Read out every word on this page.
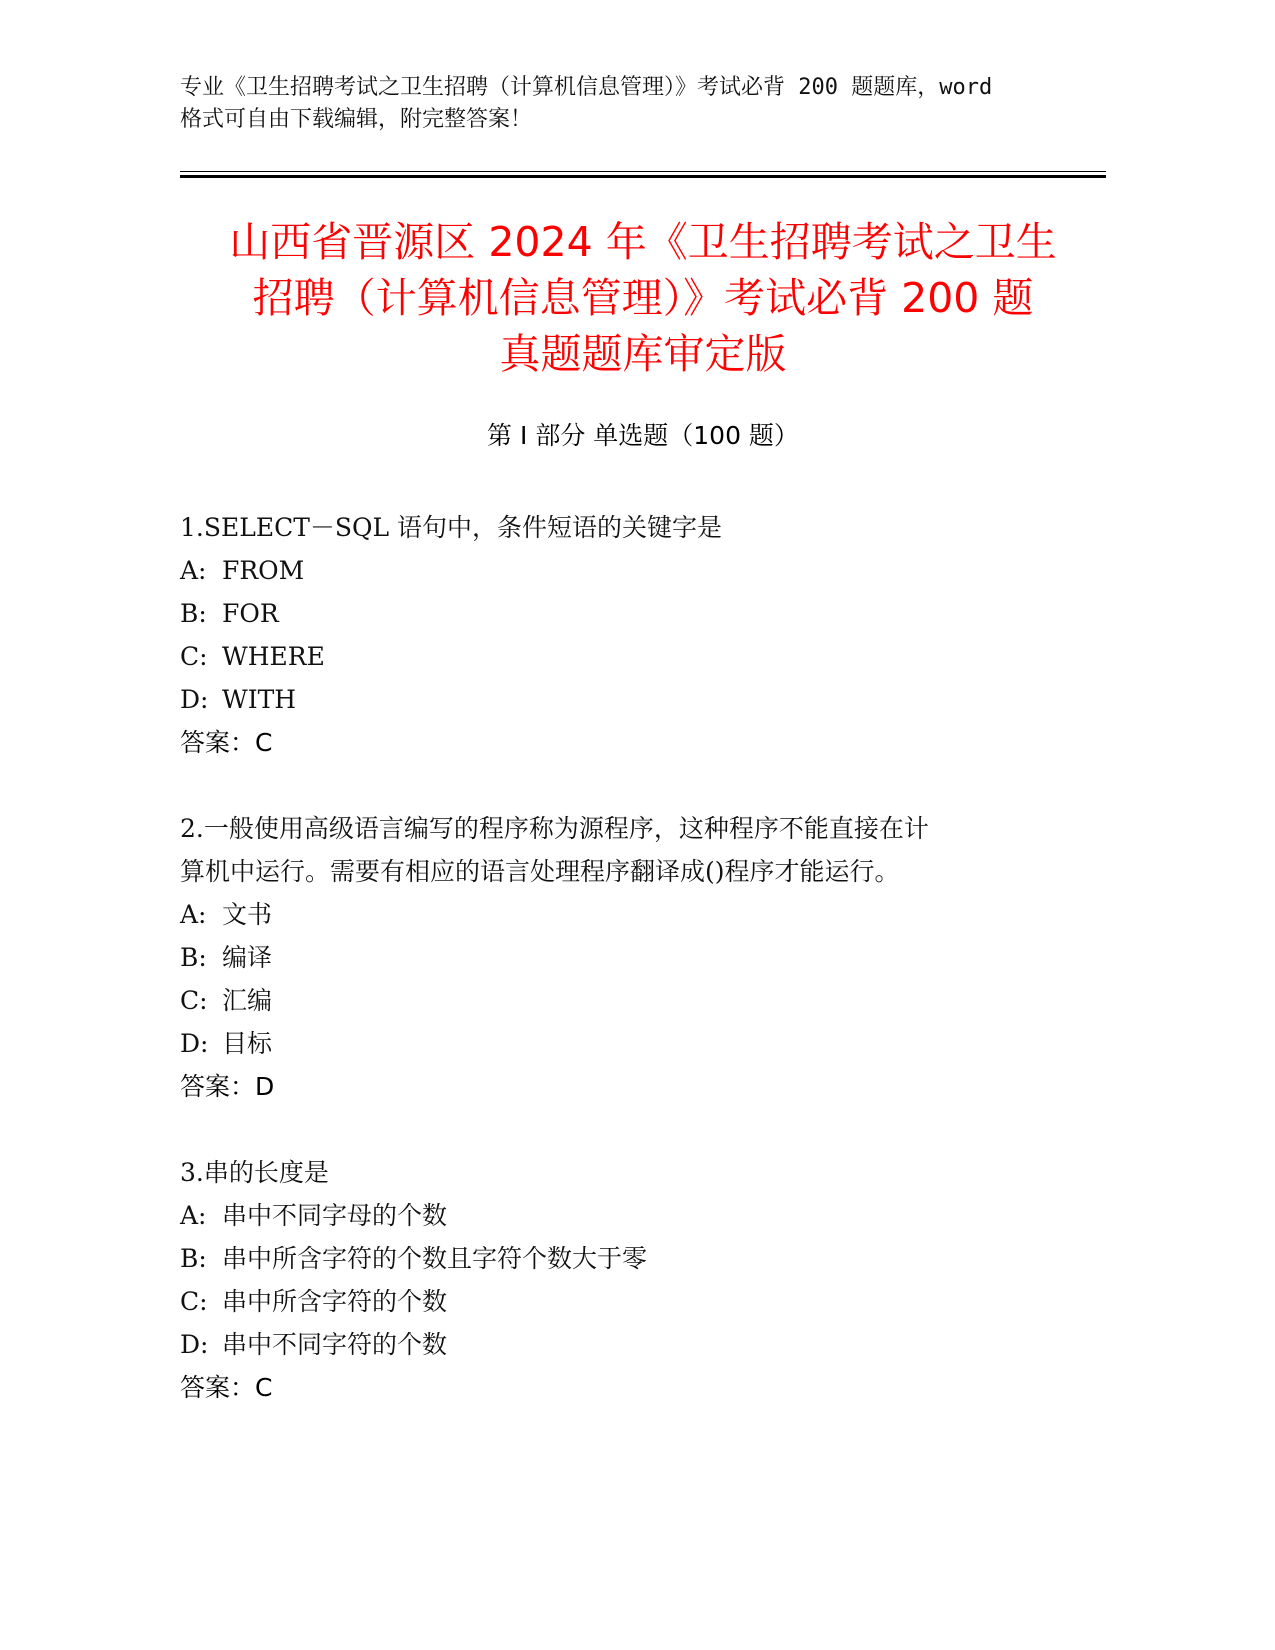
专业《卫生招聘考试之卫生招聘（计算机信息管理）》考试必背 200 题题库，word
格式可自由下载编辑，附完整答案！
山西省晋源区 2024 年《卫生招聘考试之卫生
招聘（计算机信息管理）》考试必背 200 题
真题题库审定版
第 I 部分 单选题（100 题）
1.SELECT－SQL 语句中，条件短语的关键字是
A: FROM
B: FOR
C: WHERE
D: WITH
答案：C
2.一般使用高级语言编写的程序称为源程序，这种程序不能直接在计
算机中运行。需要有相应的语言处理程序翻译成()程序才能运行。
A: 文书
B: 编译
C: 汇编
D: 目标
答案：D
3.串的长度是
A: 串中不同字母的个数
B: 串中所含字符的个数且字符个数大于零
C: 串中所含字符的个数
D: 串中不同字符的个数
答案：C
